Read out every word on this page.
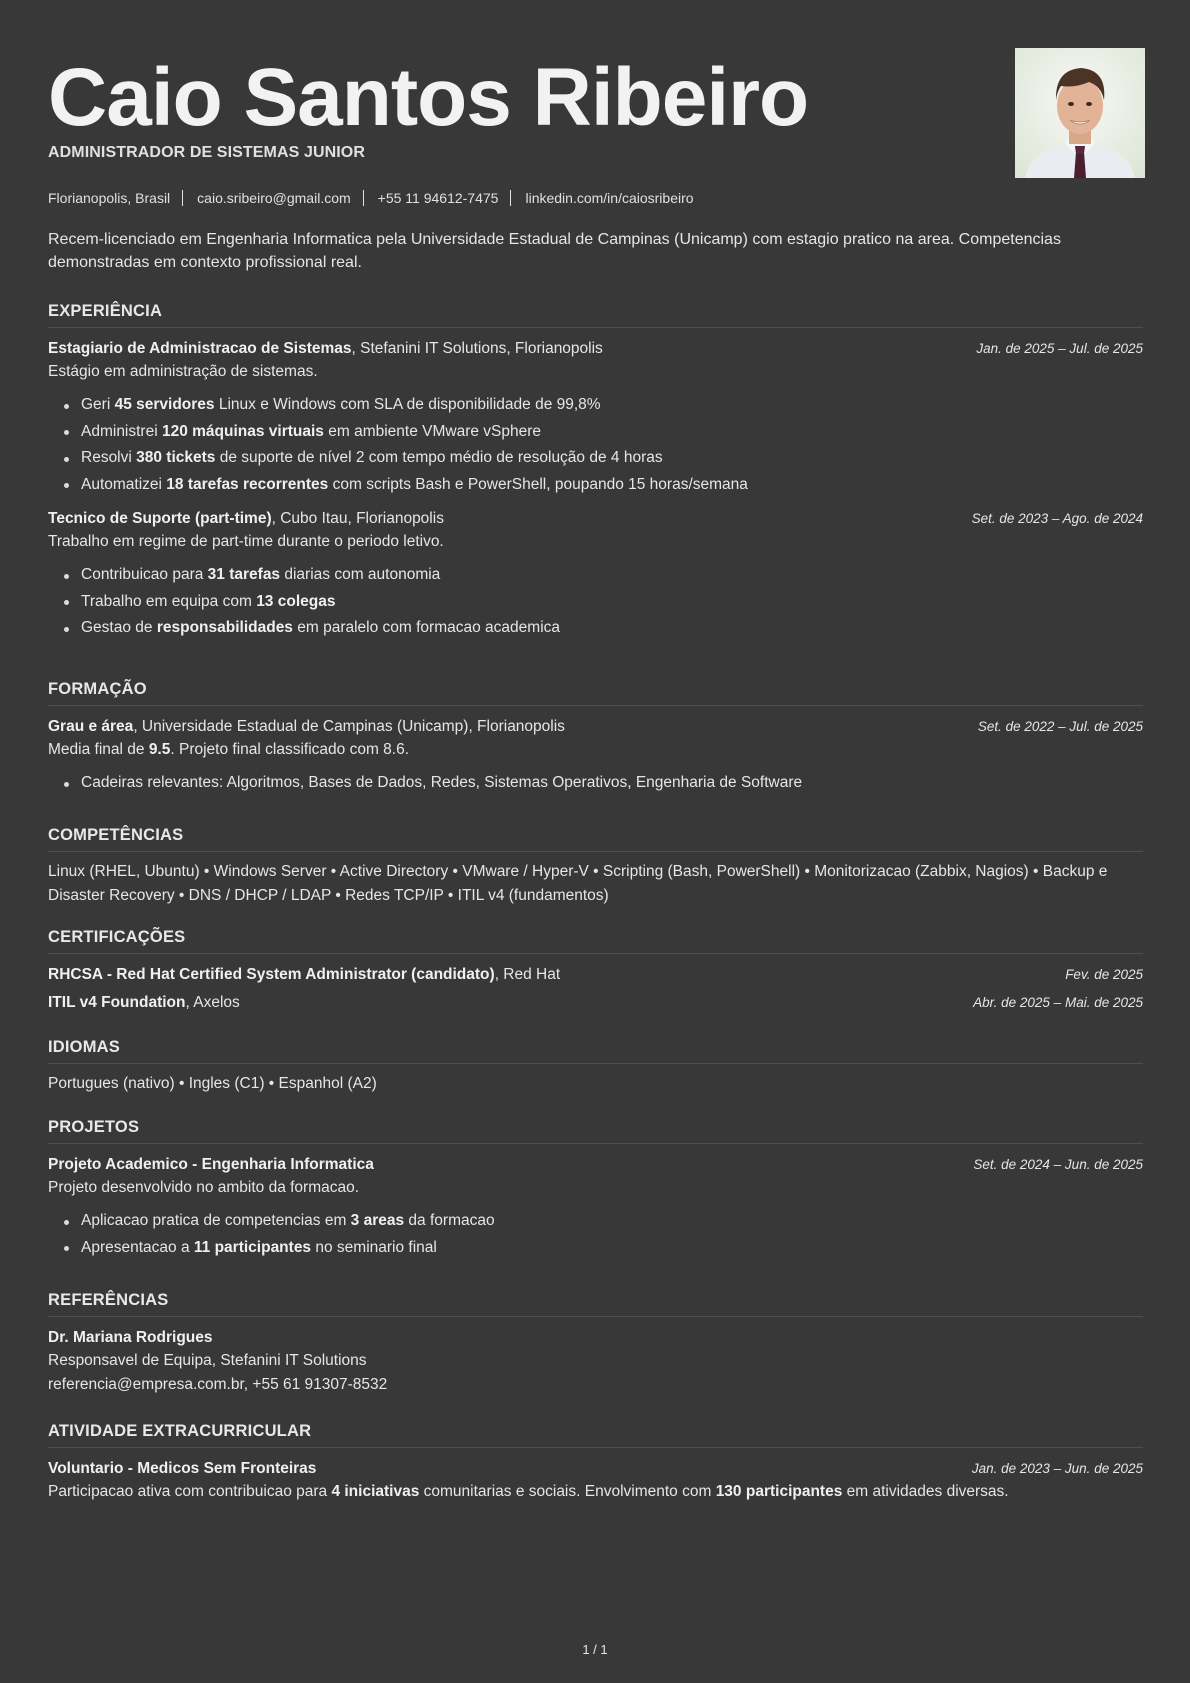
Caio Santos Ribeiro
ADMINISTRADOR DE SISTEMAS JUNIOR
Florianopolis, Brasil caio.sribeiro@gmail.com +55 11 94612-7475 linkedin.com/in/caiosribeiro
Recem-licenciado em Engenharia Informatica pela Universidade Estadual de Campinas (Unicamp) com estagio pratico na area. Competencias demonstradas em contexto profissional real.
EXPERIÊNCIA
Estagiario de Administracao de Sistemas, Stefanini IT Solutions, Florianopolis	Jan. de 2025 – Jul. de 2025
Estágio em administração de sistemas.
Geri 45 servidores Linux e Windows com SLA de disponibilidade de 99,8%
Administrei 120 máquinas virtuais em ambiente VMware vSphere
Resolvi 380 tickets de suporte de nível 2 com tempo médio de resolução de 4 horas
Automatizei 18 tarefas recorrentes com scripts Bash e PowerShell, poupando 15 horas/semana
Tecnico de Suporte (part-time), Cubo Itau, Florianopolis	Set. de 2023 – Ago. de 2024
Trabalho em regime de part-time durante o periodo letivo.
Contribuicao para 31 tarefas diarias com autonomia
Trabalho em equipa com 13 colegas
Gestao de responsabilidades em paralelo com formacao academica
FORMAÇÃO
Grau e área, Universidade Estadual de Campinas (Unicamp), Florianopolis	Set. de 2022 – Jul. de 2025
Media final de 9.5. Projeto final classificado com 8.6.
Cadeiras relevantes: Algoritmos, Bases de Dados, Redes, Sistemas Operativos, Engenharia de Software
COMPETÊNCIAS
Linux (RHEL, Ubuntu) • Windows Server • Active Directory • VMware / Hyper-V • Scripting (Bash, PowerShell) • Monitorizacao (Zabbix, Nagios) • Backup e Disaster Recovery • DNS / DHCP / LDAP • Redes TCP/IP • ITIL v4 (fundamentos)
CERTIFICAÇÕES
RHCSA - Red Hat Certified System Administrator (candidato), Red Hat	Fev. de 2025
ITIL v4 Foundation, Axelos	Abr. de 2025 – Mai. de 2025
IDIOMAS
Portugues (nativo) • Ingles (C1) • Espanhol (A2)
PROJETOS
Projeto Academico - Engenharia Informatica	Set. de 2024 – Jun. de 2025
Projeto desenvolvido no ambito da formacao.
Aplicacao pratica de competencias em 3 areas da formacao
Apresentacao a 11 participantes no seminario final
REFERÊNCIAS
Dr. Mariana Rodrigues
Responsavel de Equipa, Stefanini IT Solutions
referencia@empresa.com.br, +55 61 91307-8532
ATIVIDADE EXTRACURRICULAR
Voluntario - Medicos Sem Fronteiras	Jan. de 2023 – Jun. de 2025
Participacao ativa com contribuicao para 4 iniciativas comunitarias e sociais. Envolvimento com 130 participantes em atividades diversas.
1 / 1
